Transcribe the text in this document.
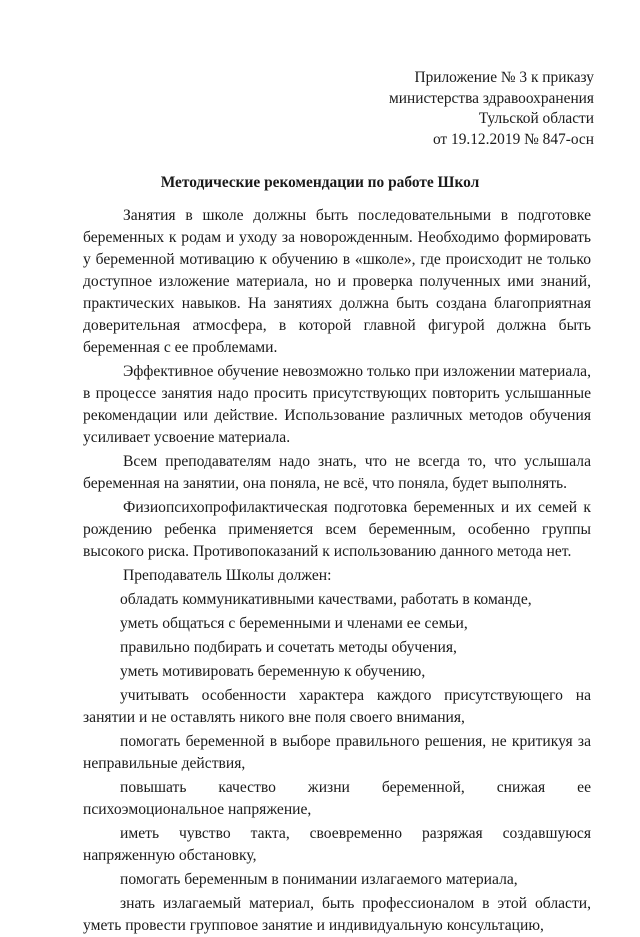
Приложение № 3 к приказу
министерства здравоохранения
Тульской области
от 19.12.2019 № 847-осн
Методические рекомендации по работе Школ

Занятия в школе должны быть последовательными в подготовке беременных к родам и уходу за новорожденным. Необходимо формировать у беременной мотивацию к обучению в «школе», где происходит не только доступное изложение материала, но и проверка полученных ими знаний, практических навыков. На занятиях должна быть создана благоприятная доверительная атмосфера, в которой главной фигурой должна быть беременная с ее проблемами.

Эффективное обучение невозможно только при изложении материала, в процессе занятия надо просить присутствующих повторить услышанные рекомендации или действие. Использование различных методов обучения усиливает усвоение материала.

Всем преподавателям надо знать, что не всегда то, что услышала беременная на занятии, она поняла, не всё, что поняла, будет выполнять.

Физиопсихопрофилактическая подготовка беременных и их семей к рождению ребенка применяется всем беременным, особенно группы высокого риска. Противопоказаний к использованию данного метода нет.

Преподаватель Школы должен:

обладать коммуникативными качествами, работать в команде,

уметь общаться с беременными и членами ее семьи,

правильно подбирать и сочетать методы обучения,

уметь мотивировать беременную к обучению,

учитывать особенности характера каждого присутствующего на занятии и не оставлять никого вне поля своего внимания,

помогать беременной в выборе правильного решения, не критикуя за неправильные действия,

повышать качество жизни беременной, снижая ее психоэмоциональное напряжение,

иметь чувство такта, своевременно разряжая создавшуюся напряженную обстановку,

помогать беременным в понимании излагаемого материала,

знать излагаемый материал, быть профессионалом в этой области, уметь провести групповое занятие и индивидуальную консультацию,
